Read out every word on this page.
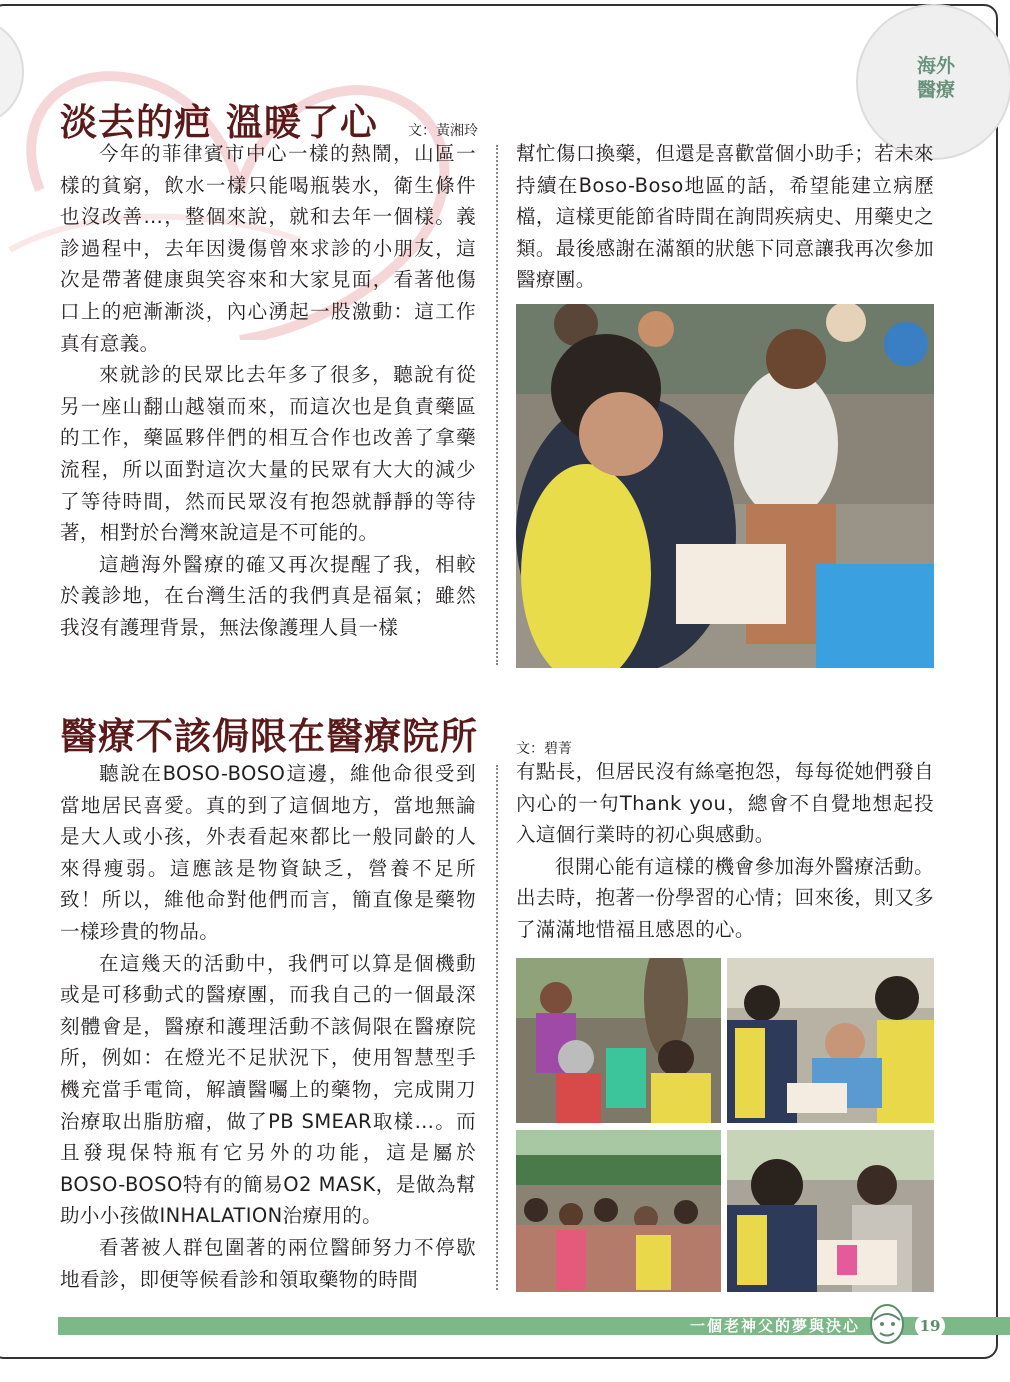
海外
醫療
淡去的疤 溫暖了心 文：黃湘玲

今年的菲律賓市中心一樣的熱鬧，山區一樣的貧窮，飲水一樣只能喝瓶裝水，衛生條件也沒改善…，整個來說，就和去年一個樣。義診過程中，去年因燙傷曾來求診的小朋友，這次是帶著健康與笑容來和大家見面，看著他傷口上的疤漸漸淡，內心湧起一股激動：這工作真有意義。

來就診的民眾比去年多了很多，聽說有從另一座山翻山越嶺而來，而這次也是負責藥區的工作，藥區夥伴們的相互合作也改善了拿藥流程，所以面對這次大量的民眾有大大的減少了等待時間，然而民眾沒有抱怨就靜靜的等待著，相對於台灣來說這是不可能的。

這趟海外醫療的確又再次提醒了我，相較於義診地，在台灣生活的我們真是福氣；雖然我沒有護理背景，無法像護理人員一樣

幫忙傷口換藥，但還是喜歡當個小助手；若未來持續在Boso-Boso地區的話，希望能建立病歷檔，這樣更能節省時間在詢問疾病史、用藥史之類。最後感謝在滿額的狀態下同意讓我再次參加醫療團。

醫療不該侷限在醫療院所	文：碧菁

聽說在BOSO-BOSO這邊，維他命很受到當地居民喜愛。真的到了這個地方，當地無論是大人或小孩，外表看起來都比一般同齡的人來得瘦弱。這應該是物資缺乏，營養不足所致！所以，維他命對他們而言，簡直像是藥物一樣珍貴的物品。

在這幾天的活動中，我們可以算是個機動或是可移動式的醫療團，而我自己的一個最深刻體會是，醫療和護理活動不該侷限在醫療院所，例如：在燈光不足狀況下，使用智慧型手機充當手電筒，解讀醫囑上的藥物，完成開刀治療取出脂肪瘤，做了PB SMEAR取樣…。而且發現保特瓶有它另外的功能，這是屬於 BOSO-BOSO特有的簡易O2 MASK，是做為幫助小小孩做INHALATION治療用的。

看著被人群包圍著的兩位醫師努力不停歇地看診，即便等候看診和領取藥物的時間

有點長，但居民沒有絲毫抱怨，每每從她們發自內心的一句Thank you，總會不自覺地想起投入這個行業時的初心與感動。

很開心能有這樣的機會參加海外醫療活動。出去時，抱著一份學習的心情；回來後，則又多了滿滿地惜福且感恩的心。

一個老神父的夢與決心	19
